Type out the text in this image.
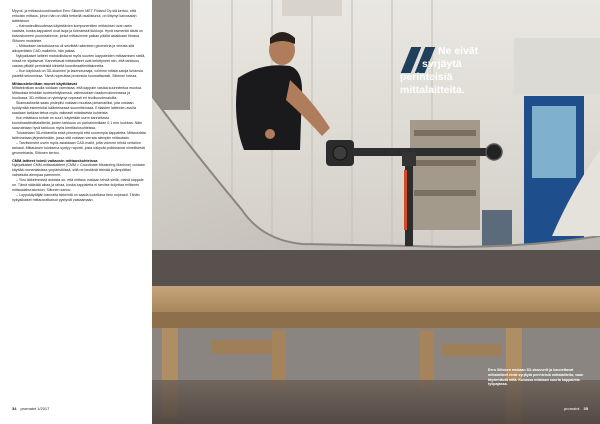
Myynti- ja mittauskoordinaattori Eero Siitonen MET Finland Oy:stä kertoo, että erikoisin mittaus, johon hän on tällä hetkellä osallistunut, on liittynyt kaivosalan laitteistoon.

– Kaivosteollisuudessa käytettävien komponenttien mittaukset ovat usein vaativia, koska kappaleet ovat isoja ja toleranssit tiukkoja. Hyvä esimerkki tästä on kaivoskoneen puomirakenne, jonka mittasimme paikan päällä asiakkaan tiloissa, Siitonen muistelee.

– Mittauksen tarkoituksena oli selvittää rakenteen geometria ja verrata sitä alkuperäisiin CAD-malleihin, hän jatkaa.

Nykyaikaiset laitteet mahdollistavat myös suurten kappaleiden mittaamisen siellä, missä ne sijaitsevat. Kannettavat mittalaitteet ovat kehittyneet niin, että tarkkuus vastaa pitkälti perinteisiä kiinteitä koordinaattimittakoneita.

– Kun käytössä on 3D-skanneri ja laserseuraaja, voimme mitata satoja tuhansia pisteitä sekunnissa. Tämä nopeuttaa prosessia huomattavasti, Siitonen toteaa.

Mittaustekniikan monet käyttötavat

Mittatekniikan avulla voidaan varmistaa, että kappale vastaa suunniteltua muotoa. Mittauksia tehdään tuotekehityksessä, valmistuksen laadunvalvonnassa ja huollossa. 3D-mittaus on yleistynyt nopeasti eri teollisuudenaloilla.

Skannauksella saatu pistepilvi voidaan muuttaa pintamalliksi, jota voidaan hyödyntää esimerkiksi käänteisessä suunnittelussa. Erilaisten laitteiden avulla saadaan tarkkaa tietoa myös vaikeasti mitattavista kohteista.

Kun mitattava kohde on suuri, käytetään usein kannettavia koordinaattimittalaitteita, joiden tarkkuus on parhaimmillaan 0,1 mm luokkaa. Näin saavutetaan hyvä tarkkuus myös kenttäolosuhteissa.

Tulostetaan 3D-mittareilla sekä pienempiä että suurempia kappaleita. Mittausdata tallennetaan järjestelmään, jossa sitä voidaan verrata aiempiin mittauksiin.

– Tarvitsemme usein myös asiakkaan CAD-mallit, jotta voimme tehdä vertailun tarkasti. Mittauksen tuloksena syntyy raportti, josta näkyvät poikkeamat nimellisestä geometriasta, Siitonen kertoo.

CMM-laitteet toimii valtaosin mittauskohteissa

Nykyaikaiset CMM-mittauslaitteet (CMM = Coordinate Measuring Machine) voidaan käyttää monenlaisissa ympäristöissä, sillä ne kestävät tärinää ja lämpötilan vaihteluita aiempaa paremmin.

– Yksi tärkeimmistä asioista on, että mittaus voidaan tehdä siellä, missä kappale on. Tämä säästää aikaa ja rahaa, koska kappaletta ei tarvitse kuljettaa erilliseen mittauslaboratorioon, Siitonen sanoo.

– Loppukäyttäjän kannalta tärkeintä on saada luotettava tieto nopeasti. Tähän nykyaikaiset mittausratkaisut pystyvät vastaamaan.

34 promaint 1/2017
Ne eivät
syrjäytä
perinteisiä
mittalaitteita.
Eero Siitosen mukaan 3D-skannerit ja kannettavat mittalaitteet eivät syrjäytä perinteisiä mittalaitteita, vaan täydentävät niitä. Kuvassa mitataan suurta kappaletta työpajassa.
promaint 35
